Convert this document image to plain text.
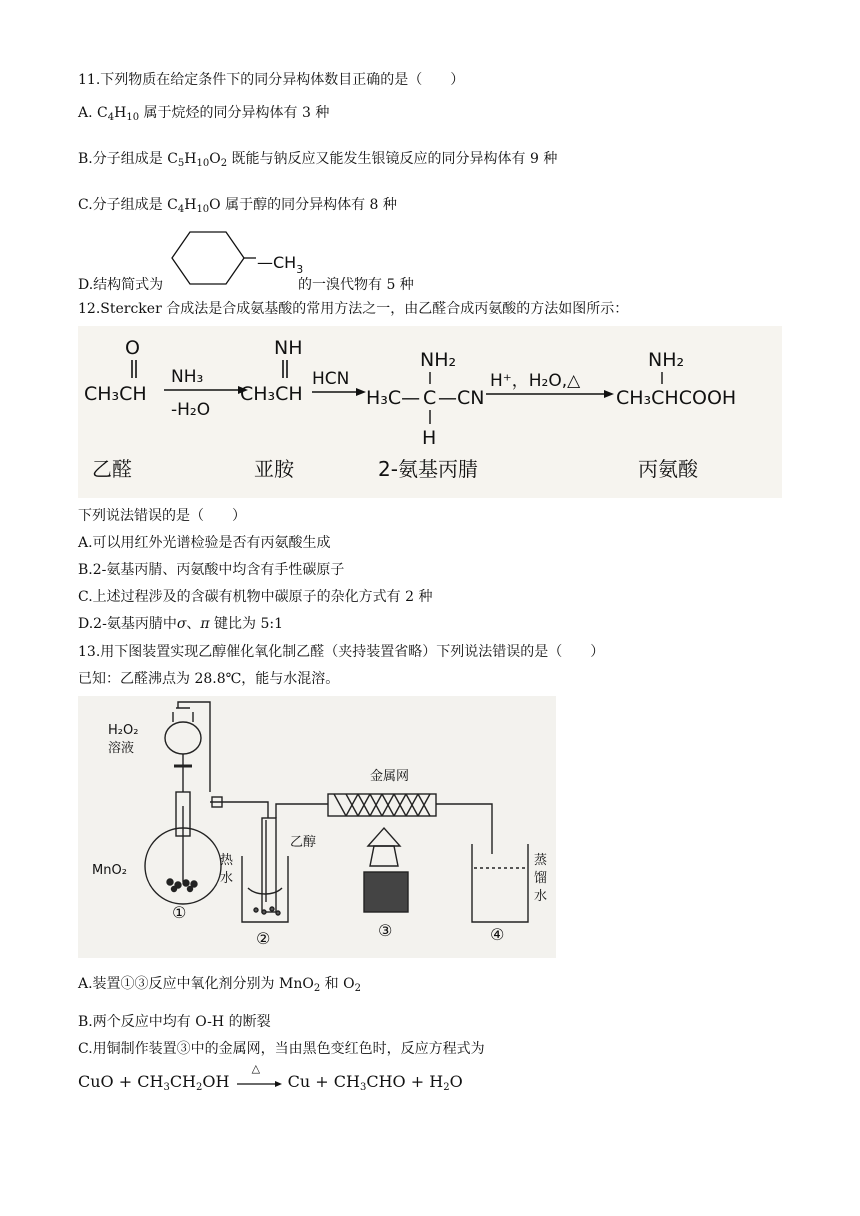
11.下列物质在给定条件下的同分异构体数目正确的是（　　）
A. $C_4H_{10}$ 属于烷烃的同分异构体有 3 种
B.分子组成是 $C_5H_{10}O_2$ 既能与钠反应又能发生银镜反应的同分异构体有 9 种
C.分子组成是 $C_4H_{10}O$ 属于醇的同分异构体有 8 种
D.结构简式为
$—CH_3$
的一溴代物有 5 种
12.Stercker 合成法是合成氨基酸的常用方法之一，由乙醛合成丙氨酸的方法如图所示：
O
CH₃CH
NH₃
-H₂O
NH
CH₃CH
HCN
NH₂
H₃C— C —CN
H
H⁺，H₂O,△
NH₂
CH₃CHCOOH
乙醛	亚胺	2-氨基丙腈	丙氨酸
下列说法错误的是（　　）
A.可以用红外光谱检验是否有丙氨酸生成
B.2-氨基丙腈、丙氨酸中均含有手性碳原子
C.上述过程涉及的含碳有机物中碳原子的杂化方式有 2 种
D.2-氨基丙腈中σ、π 键比为 5:1
13.用下图装置实现乙醇催化氧化制乙醛（夹持装置省略）下列说法错误的是（　　）
已知：乙醛沸点为 28.8℃，能与水混溶。
H₂O₂
溶液
MnO₂
热
水
乙醇
金属网
蒸
馏
水
①
②	③	④
A.装置①③反应中氧化剂分别为 MnO$_2$ 和 $O_2$
B.两个反应中均有 O-H 的断裂
C.用铜制作装置③中的金属网，当由黑色变红色时，反应方程式为
CuO + $CH_3CH_2OH$
△
$Cu + CH_3CHO + H_2O$
